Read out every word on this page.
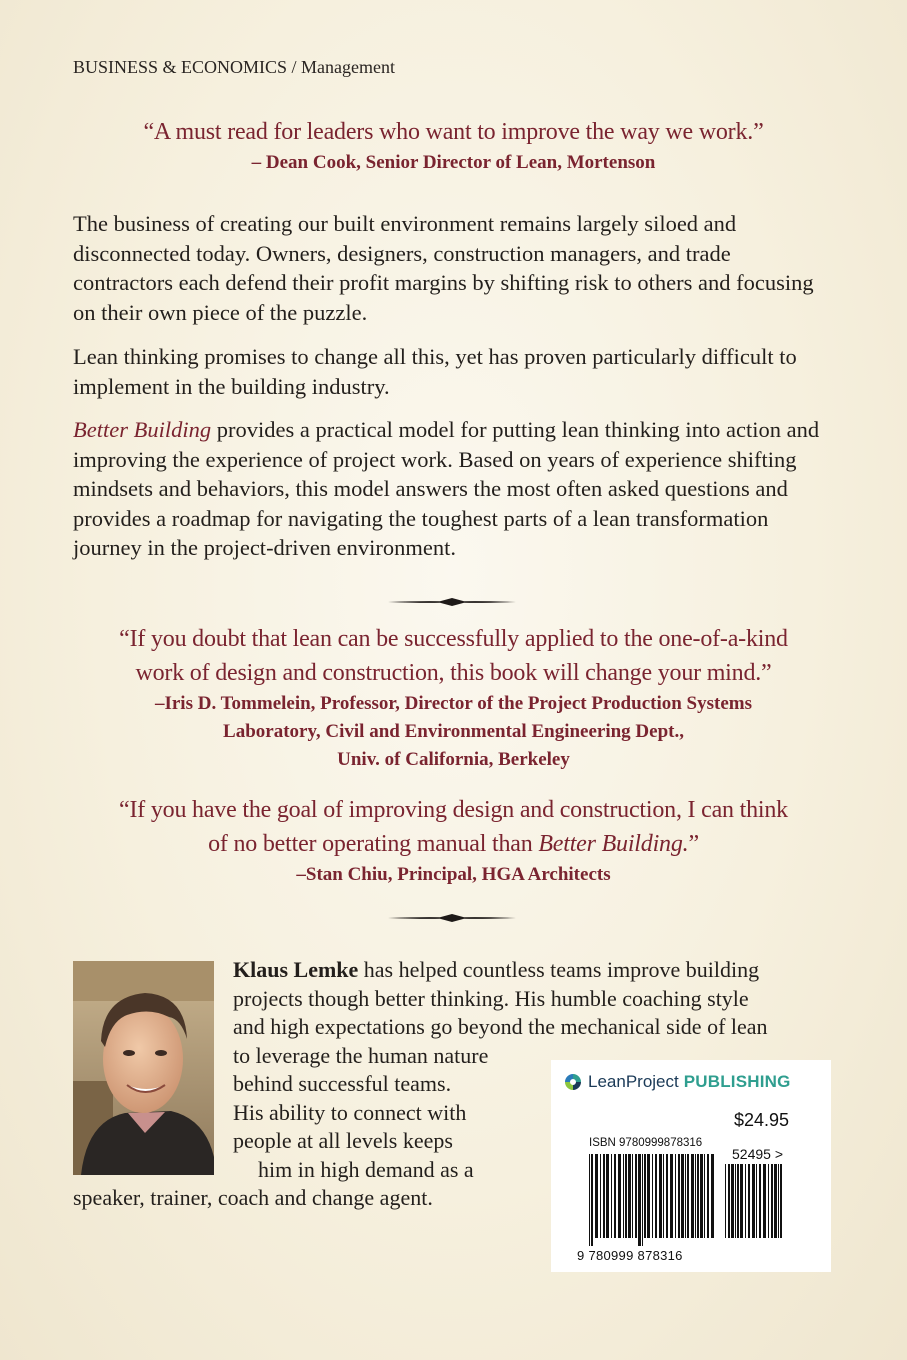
BUSINESS & ECONOMICS / Management
“A must read for leaders who want to improve the way we work.”
– Dean Cook, Senior Director of Lean, Mortenson
The business of creating our built environment remains largely siloed and disconnected today. Owners, designers, construction managers, and trade contractors each defend their profit margins by shifting risk to others and focusing on their own piece of the puzzle.
Lean thinking promises to change all this, yet has proven particularly difficult to implement in the building industry.
Better Building provides a practical model for putting lean thinking into action and improving the experience of project work. Based on years of experience shifting mindsets and behaviors, this model answers the most often asked questions and provides a roadmap for navigating the toughest parts of a lean transformation journey in the project-driven environment.
“If you doubt that lean can be successfully applied to the one-of-a-kind
work of design and construction, this book will change your mind.”
–Iris D. Tommelein, Professor, Director of the Project Production Systems
Laboratory, Civil and Environmental Engineering Dept.,
Univ. of California, Berkeley
“If you have the goal of improving design and construction, I can think
of no better operating manual than Better Building.”
–Stan Chiu, Principal, HGA Architects
Klaus Lemke has helped countless teams improve building
projects though better thinking. His humble coaching style
and high expectations go beyond the mechanical side of lean
to leverage the human nature
behind successful teams.
His ability to connect with
people at all levels keeps
him in high demand as a
speaker, trainer, coach and change agent.
LeanProject PUBLISHING
$24.95
ISBN 9780999878316
52495 >
9 780999 878316
